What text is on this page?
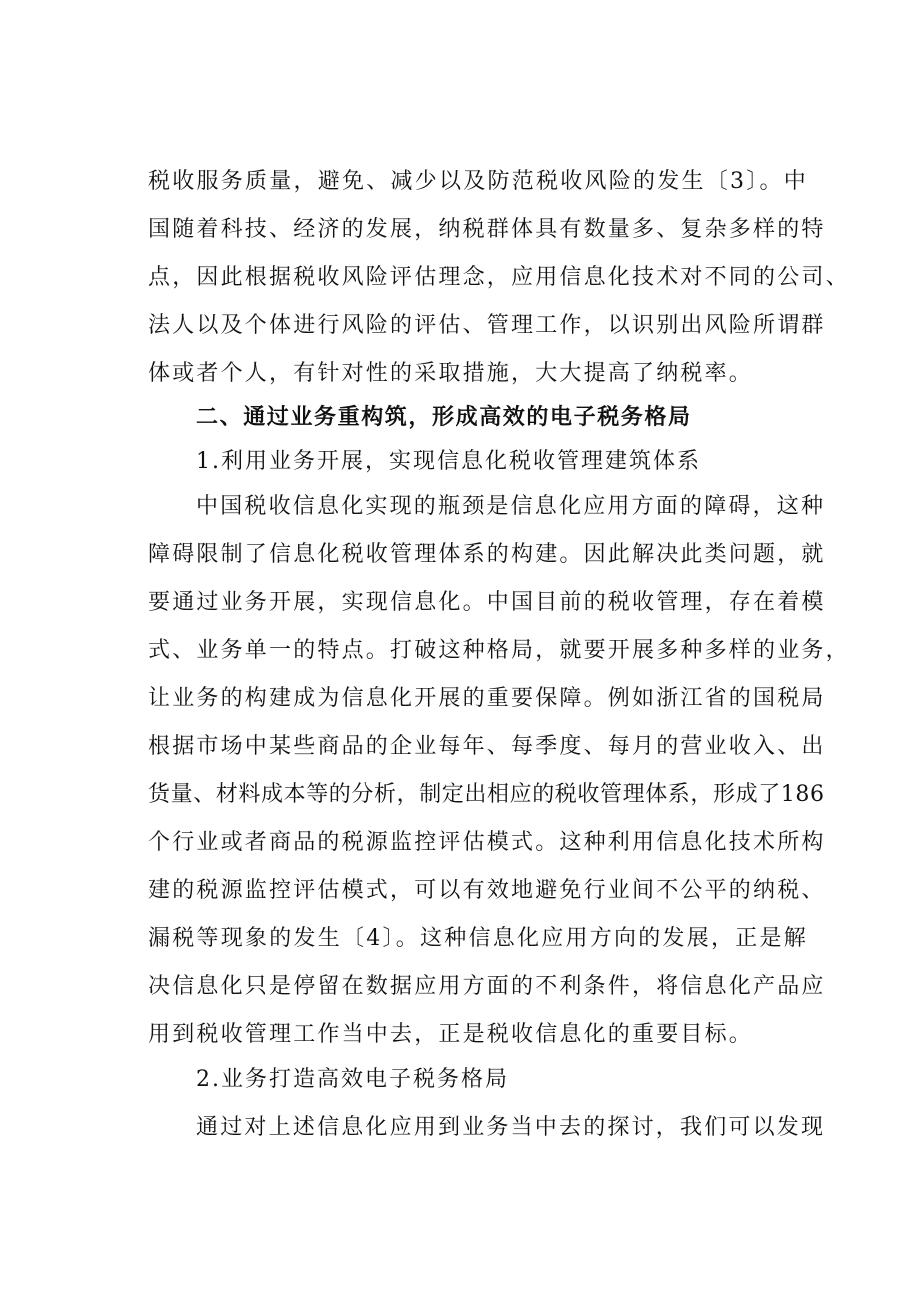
税收服务质量，避免、减少以及防范税收风险的发生〔3〕。中
国随着科技、经济的发展，纳税群体具有数量多、复杂多样的特
点，因此根据税收风险评估理念，应用信息化技术对不同的公司、
法人以及个体进行风险的评估、管理工作，以识别出风险所谓群
体或者个人，有针对性的采取措施，大大提高了纳税率。
二、通过业务重构筑，形成高效的电子税务格局
1.利用业务开展，实现信息化税收管理建筑体系
中国税收信息化实现的瓶颈是信息化应用方面的障碍，这种
障碍限制了信息化税收管理体系的构建。因此解决此类问题，就
要通过业务开展，实现信息化。中国目前的税收管理，存在着模
式、业务单一的特点。打破这种格局，就要开展多种多样的业务，
让业务的构建成为信息化开展的重要保障。例如浙江省的国税局
根据市场中某些商品的企业每年、每季度、每月的营业收入、出
货量、材料成本等的分析，制定出相应的税收管理体系，形成了186
个行业或者商品的税源监控评估模式。这种利用信息化技术所构
建的税源监控评估模式，可以有效地避免行业间不公平的纳税、
漏税等现象的发生〔4〕。这种信息化应用方向的发展，正是解
决信息化只是停留在数据应用方面的不利条件，将信息化产品应
用到税收管理工作当中去，正是税收信息化的重要目标。
2.业务打造高效电子税务格局
通过对上述信息化应用到业务当中去的探讨，我们可以发现
